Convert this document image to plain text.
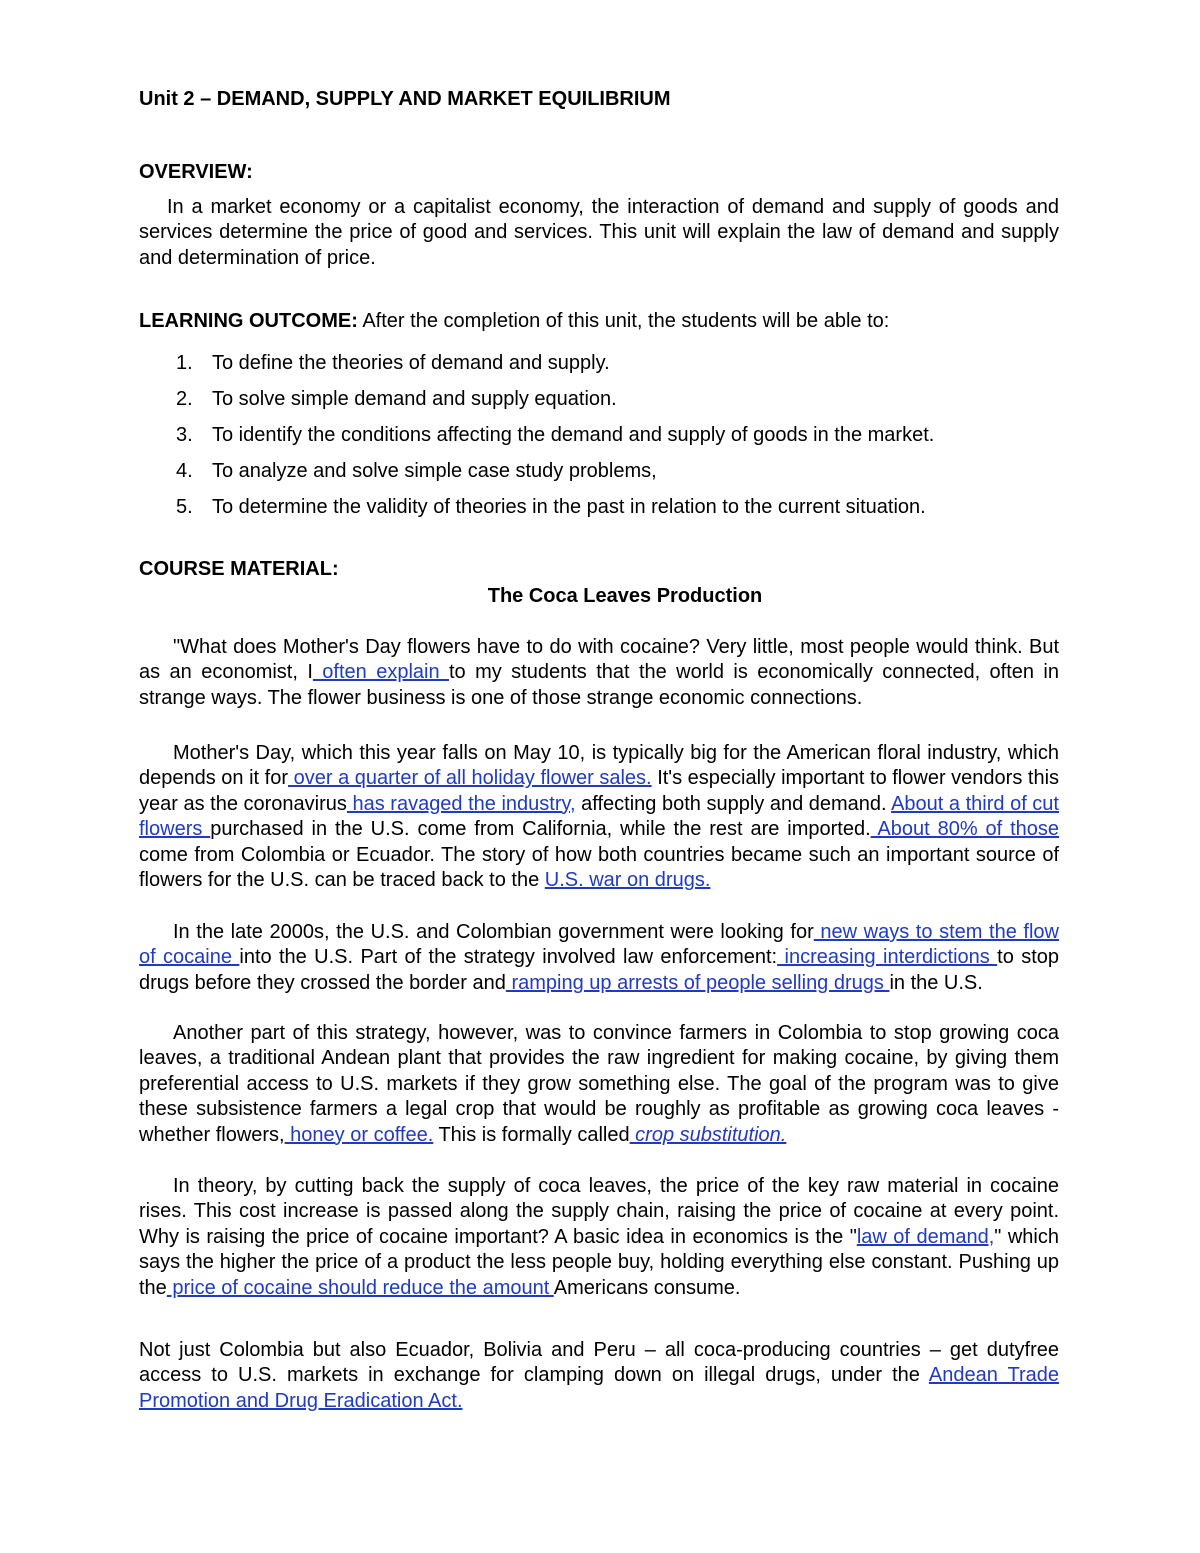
Unit 2 – DEMAND, SUPPLY AND MARKET EQUILIBRIUM
OVERVIEW:
In a market economy or a capitalist economy, the interaction of demand and supply of goods and services determine the price of good and services. This unit will explain the law of demand and supply and determination of price.
LEARNING OUTCOME: After the completion of this unit, the students will be able to:
1. To define the theories of demand and supply.
2. To solve simple demand and supply equation.
3. To identify the conditions affecting the demand and supply of goods in the market.
4. To analyze and solve simple case study problems,
5. To determine the validity of theories in the past in relation to the current situation.
COURSE MATERIAL:
The Coca Leaves Production
"What does Mother's Day flowers have to do with cocaine? Very little, most people would think. But as an economist, I often explain to my students that the world is economically connected, often in strange ways. The flower business is one of those strange economic connections.
Mother's Day, which this year falls on May 10, is typically big for the American floral industry, which depends on it for over a quarter of all holiday flower sales. It's especially important to flower vendors this year as the coronavirus has ravaged the industry, affecting both supply and demand. About a third of cut flowers purchased in the U.S. come from California, while the rest are imported. About 80% of those come from Colombia or Ecuador. The story of how both countries became such an important source of flowers for the U.S. can be traced back to the U.S. war on drugs.
In the late 2000s, the U.S. and Colombian government were looking for new ways to stem the flow of cocaine into the U.S. Part of the strategy involved law enforcement: increasing interdictions to stop drugs before they crossed the border and ramping up arrests of people selling drugs in the U.S.
Another part of this strategy, however, was to convince farmers in Colombia to stop growing coca leaves, a traditional Andean plant that provides the raw ingredient for making cocaine, by giving them preferential access to U.S. markets if they grow something else. The goal of the program was to give these subsistence farmers a legal crop that would be roughly as profitable as growing coca leaves - whether flowers, honey or coffee. This is formally called crop substitution.
In theory, by cutting back the supply of coca leaves, the price of the key raw material in cocaine rises. This cost increase is passed along the supply chain, raising the price of cocaine at every point. Why is raising the price of cocaine important? A basic idea in economics is the "law of demand," which says the higher the price of a product the less people buy, holding everything else constant. Pushing up the price of cocaine should reduce the amount Americans consume.
Not just Colombia but also Ecuador, Bolivia and Peru – all coca-producing countries – get dutyfree access to U.S. markets in exchange for clamping down on illegal drugs, under the Andean Trade Promotion and Drug Eradication Act.
